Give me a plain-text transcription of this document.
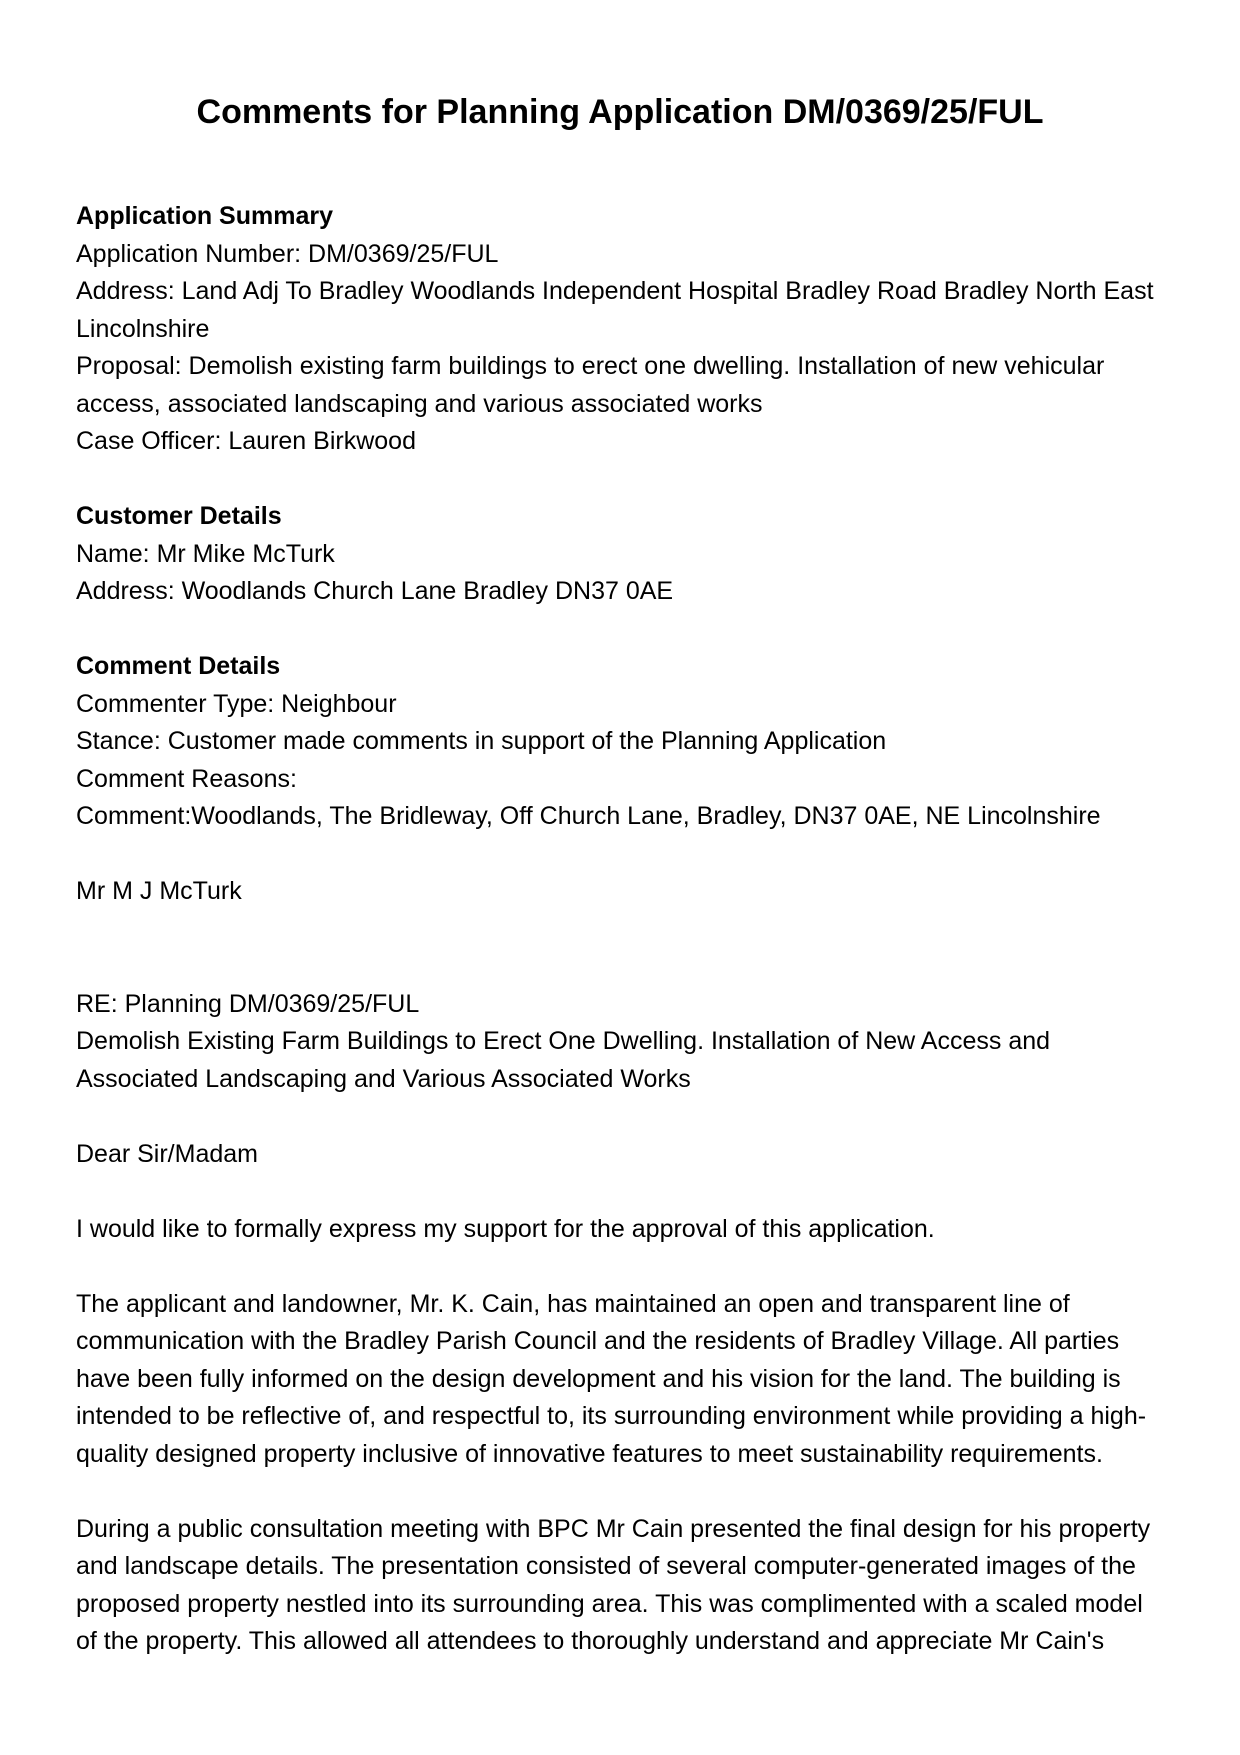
Comments for Planning Application DM/0369/25/FUL

Application Summary

Application Number: DM/0369/25/FUL

Address: Land Adj To Bradley Woodlands Independent Hospital Bradley Road Bradley North East Lincolnshire

Proposal: Demolish existing farm buildings to erect one dwelling. Installation of new vehicular access, associated landscaping and various associated works

Case Officer: Lauren Birkwood

Customer Details

Name: Mr Mike McTurk

Address: Woodlands Church Lane Bradley DN37 0AE

Comment Details

Commenter Type: Neighbour

Stance: Customer made comments in support of the Planning Application

Comment Reasons:

Comment:Woodlands, The Bridleway, Off Church Lane, Bradley, DN37 0AE, NE Lincolnshire

Mr M J McTurk

RE: Planning DM/0369/25/FUL

Demolish Existing Farm Buildings to Erect One Dwelling. Installation of New Access and Associated Landscaping and Various Associated Works

Dear Sir/Madam

I would like to formally express my support for the approval of this application.

The applicant and landowner, Mr. K. Cain, has maintained an open and transparent line of communication with the Bradley Parish Council and the residents of Bradley Village. All parties have been fully informed on the design development and his vision for the land. The building is intended to be reflective of, and respectful to, its surrounding environment while providing a high-quality designed property inclusive of innovative features to meet sustainability requirements.

During a public consultation meeting with BPC Mr Cain presented the final design for his property and landscape details. The presentation consisted of several computer-generated images of the proposed property nestled into its surrounding area. This was complimented with a scaled model of the property. This allowed all attendees to thoroughly understand and appreciate Mr Cain's
